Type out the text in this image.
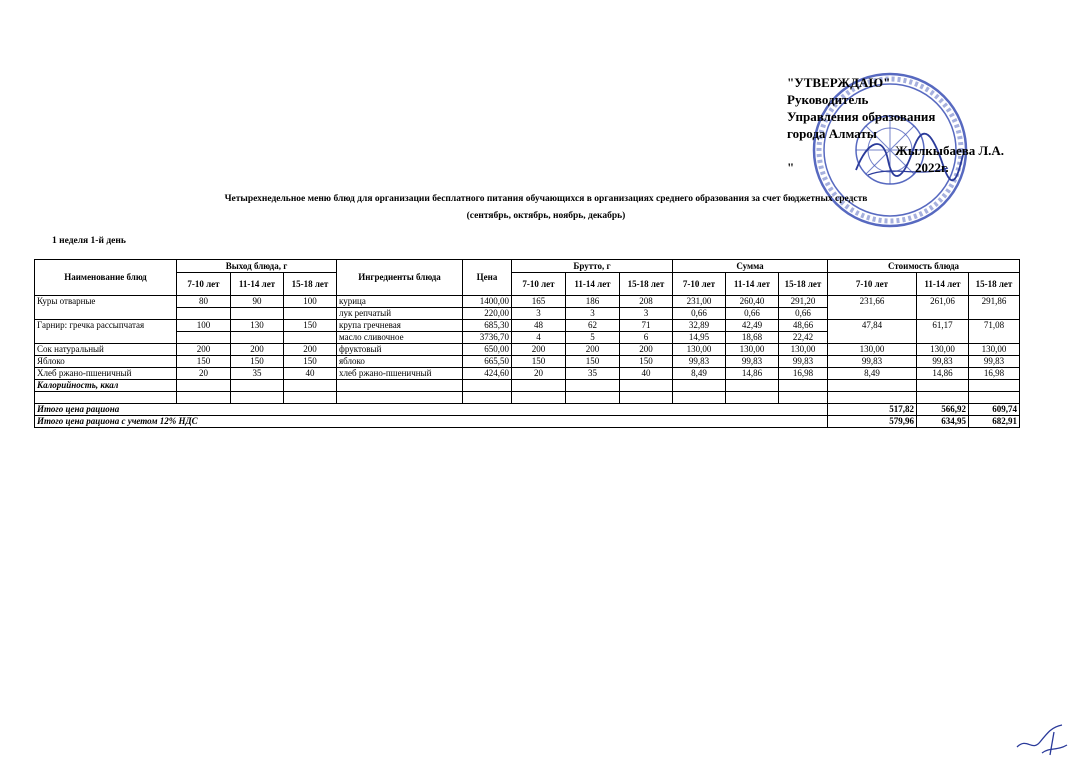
"УТВЕРЖДАЮ"
Руководитель
Управления образования
города Алматы
Жылкыбаева Л.А.
"	2022г.
Четырехнедельное меню блюд для организации бесплатного питания обучающихся в организациях среднего образования за счет бюджетных средств
(сентябрь, октябрь, ноябрь, декабрь)
1 неделя 1-й день
Наименование блюд	Выход блюда, г			Ингредиенты блюда	Цена	Брутто, г			Сумма			Стоимость блюда		
	7-10 лет	11-14 лет	15-18 лет			7-10 лет	11-14 лет	15-18 лет	7-10 лет	11-14 лет	15-18 лет	7-10 лет	11-14 лет	15-18 лет
Куры отварные	80	90	100	курица	1400,00	165	186	208	231,00	260,40	291,20	231,66	261,06	291,86
				лук репчатый	220,00	3	3	3	0,66	0,66	0,66			
Гарнир: гречка рассыпчатая	100	130	150	крупа гречневая	685,30	48	62	71	32,89	42,49	48,66	47,84	61,17	71,08
				масло сливочное	3736,70	4	5	6	14,95	18,68	22,42			
Сок натуральный	200	200	200	фруктовый	650,00	200	200	200	130,00	130,00	130,00	130,00	130,00	130,00
Яблоко	150	150	150	яблоко	665,50	150	150	150	99,83	99,83	99,83	99,83	99,83	99,83
Хлеб ржано-пшеничный	20	35	40	хлеб ржано-пшеничный	424,60	20	35	40	8,49	14,86	16,98	8,49	14,86	16,98
Калорийность, ккал														

Итого цена рациона												517,82	566,92	609,74
Итого цена рациона с учетом 12% НДС												579,96	634,95	682,91
